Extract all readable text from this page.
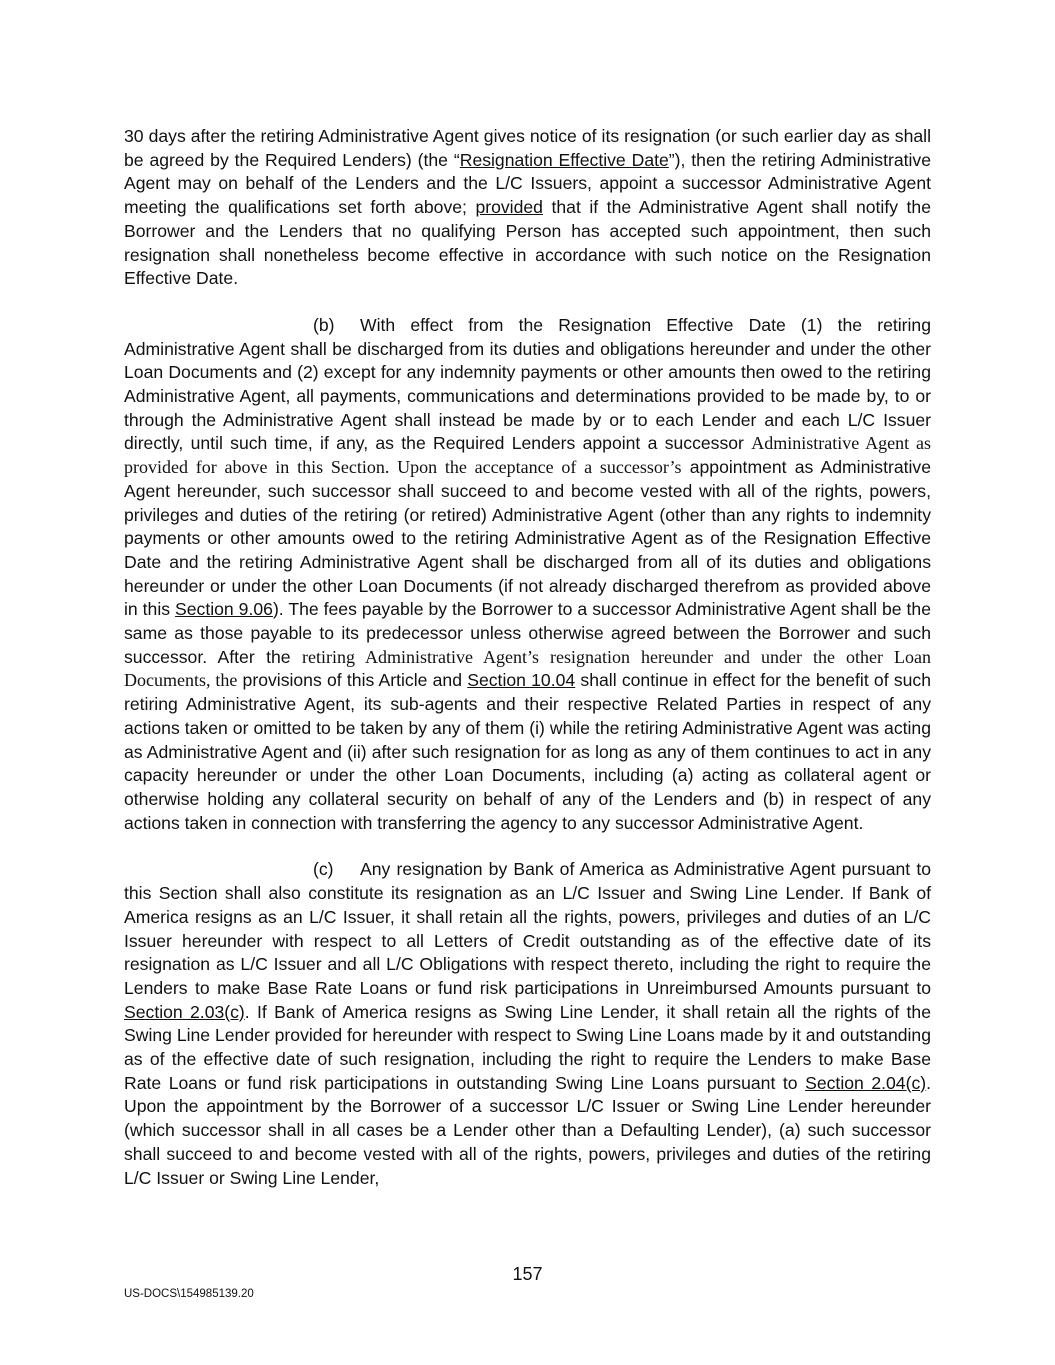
30 days after the retiring Administrative Agent gives notice of its resignation (or such earlier day as shall be agreed by the Required Lenders) (the “Resignation Effective Date”), then the retiring Administrative Agent may on behalf of the Lenders and the L/C Issuers, appoint a successor Administrative Agent meeting the qualifications set forth above; provided that if the Administrative Agent shall notify the Borrower and the Lenders that no qualifying Person has accepted such appointment, then such resignation shall nonetheless become effective in accordance with such notice on the Resignation Effective Date.

(b) With effect from the Resignation Effective Date (1) the retiring Administrative Agent shall be discharged from its duties and obligations hereunder and under the other Loan Documents and (2) except for any indemnity payments or other amounts then owed to the retiring Administrative Agent, all payments, communications and determinations provided to be made by, to or through the Administrative Agent shall instead be made by or to each Lender and each L/C Issuer directly, until such time, if any, as the Required Lenders appoint a successor Administrative Agent as provided for above in this Section. Upon the acceptance of a successor’s appointment as Administrative Agent hereunder, such successor shall succeed to and become vested with all of the rights, powers, privileges and duties of the retiring (or retired) Administrative Agent (other than any rights to indemnity payments or other amounts owed to the retiring Administrative Agent as of the Resignation Effective Date and the retiring Administrative Agent shall be discharged from all of its duties and obligations hereunder or under the other Loan Documents (if not already discharged therefrom as provided above in this Section 9.06). The fees payable by the Borrower to a successor Administrative Agent shall be the same as those payable to its predecessor unless otherwise agreed between the Borrower and such successor. After the retiring Administrative Agent’s resignation hereunder and under the other Loan Documents, the provisions of this Article and Section 10.04 shall continue in effect for the benefit of such retiring Administrative Agent, its sub-agents and their respective Related Parties in respect of any actions taken or omitted to be taken by any of them (i) while the retiring Administrative Agent was acting as Administrative Agent and (ii) after such resignation for as long as any of them continues to act in any capacity hereunder or under the other Loan Documents, including (a) acting as collateral agent or otherwise holding any collateral security on behalf of any of the Lenders and (b) in respect of any actions taken in connection with transferring the agency to any successor Administrative Agent.

(c) Any resignation by Bank of America as Administrative Agent pursuant to this Section shall also constitute its resignation as an L/C Issuer and Swing Line Lender. If Bank of America resigns as an L/C Issuer, it shall retain all the rights, powers, privileges and duties of an L/C Issuer hereunder with respect to all Letters of Credit outstanding as of the effective date of its resignation as L/C Issuer and all L/C Obligations with respect thereto, including the right to require the Lenders to make Base Rate Loans or fund risk participations in Unreimbursed Amounts pursuant to Section 2.03(c). If Bank of America resigns as Swing Line Lender, it shall retain all the rights of the Swing Line Lender provided for hereunder with respect to Swing Line Loans made by it and outstanding as of the effective date of such resignation, including the right to require the Lenders to make Base Rate Loans or fund risk participations in outstanding Swing Line Loans pursuant to Section 2.04(c). Upon the appointment by the Borrower of a successor L/C Issuer or Swing Line Lender hereunder (which successor shall in all cases be a Lender other than a Defaulting Lender), (a) such successor shall succeed to and become vested with all of the rights, powers, privileges and duties of the retiring L/C Issuer or Swing Line Lender,

157
US-DOCS\154985139.20
